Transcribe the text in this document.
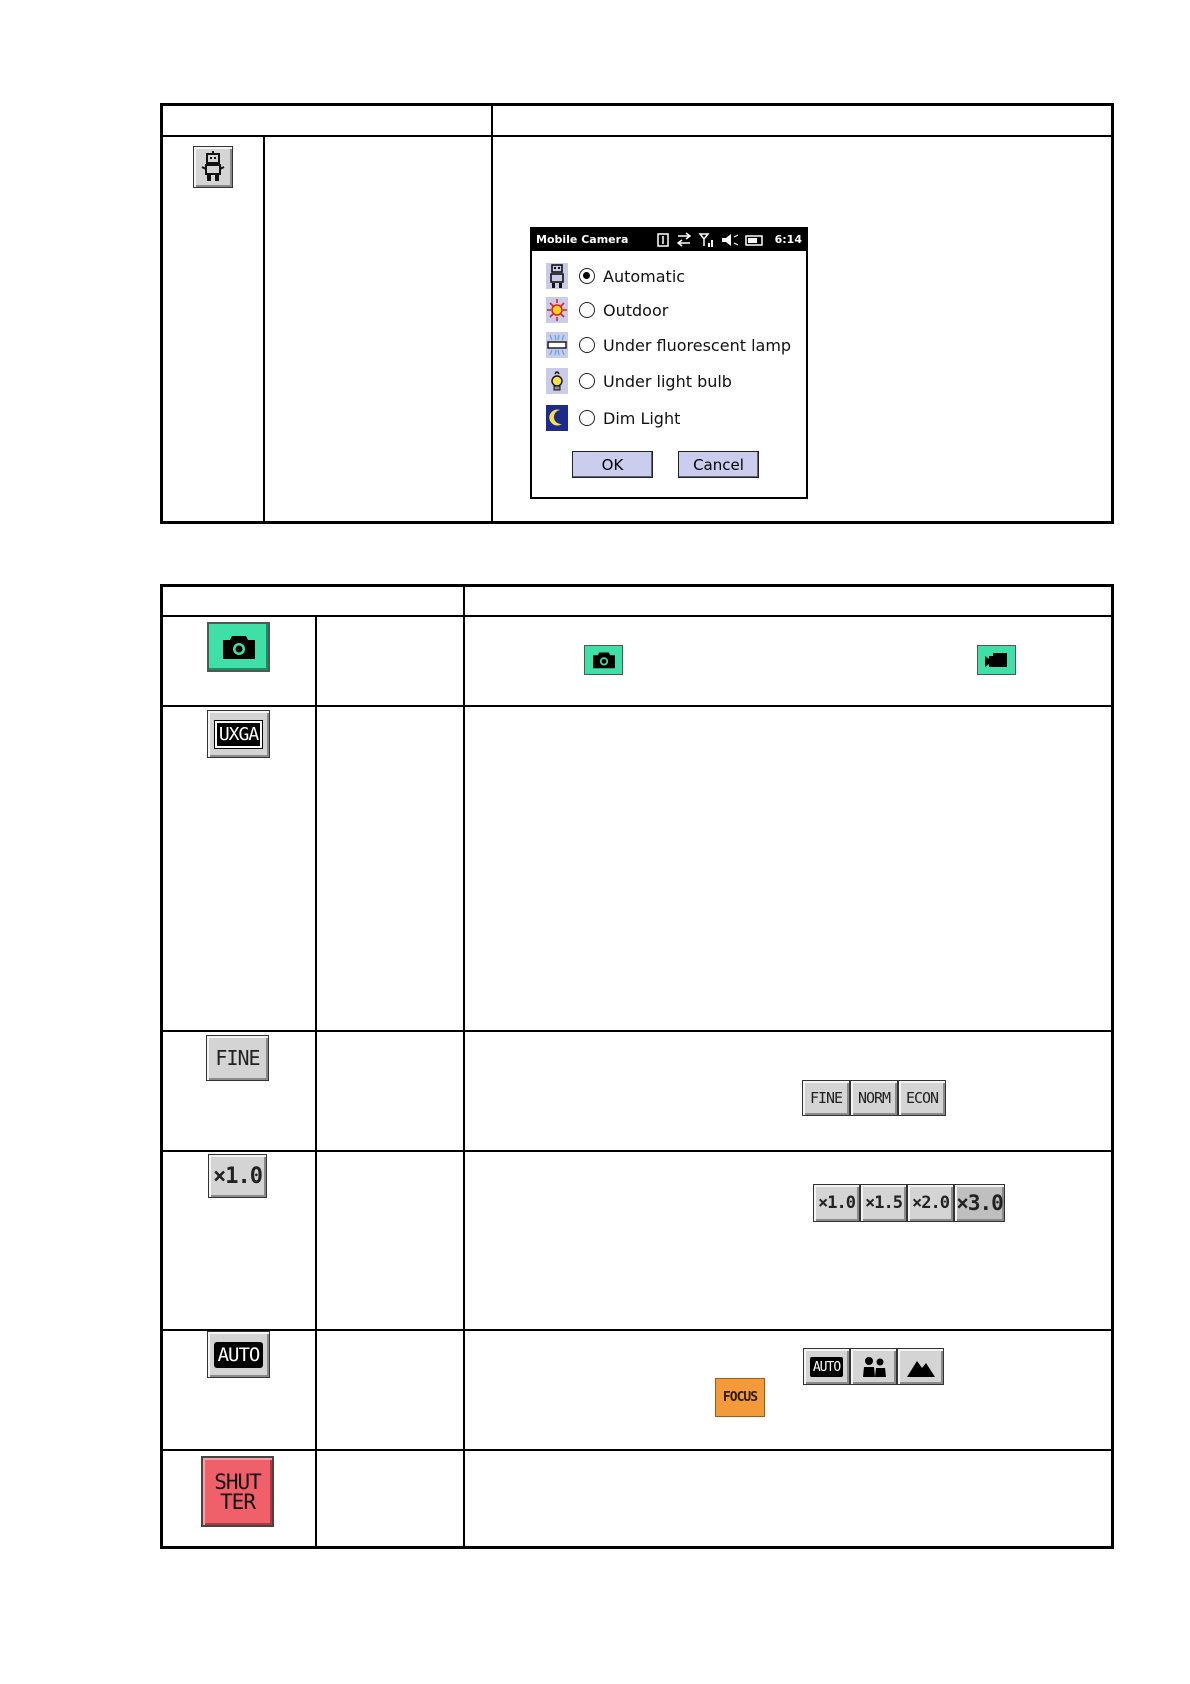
Mobile Camera	6:14
Automatic
Outdoor
Under fluorescent lamp
Under light bulb
Dim Light
OK	Cancel
UXGA
FINE
FINE NORM ECON
×1.0
×1.0 ×1.5 ×2.0 ×3.0
AUTO
AUTO
FOCUS
SHUT
TER
